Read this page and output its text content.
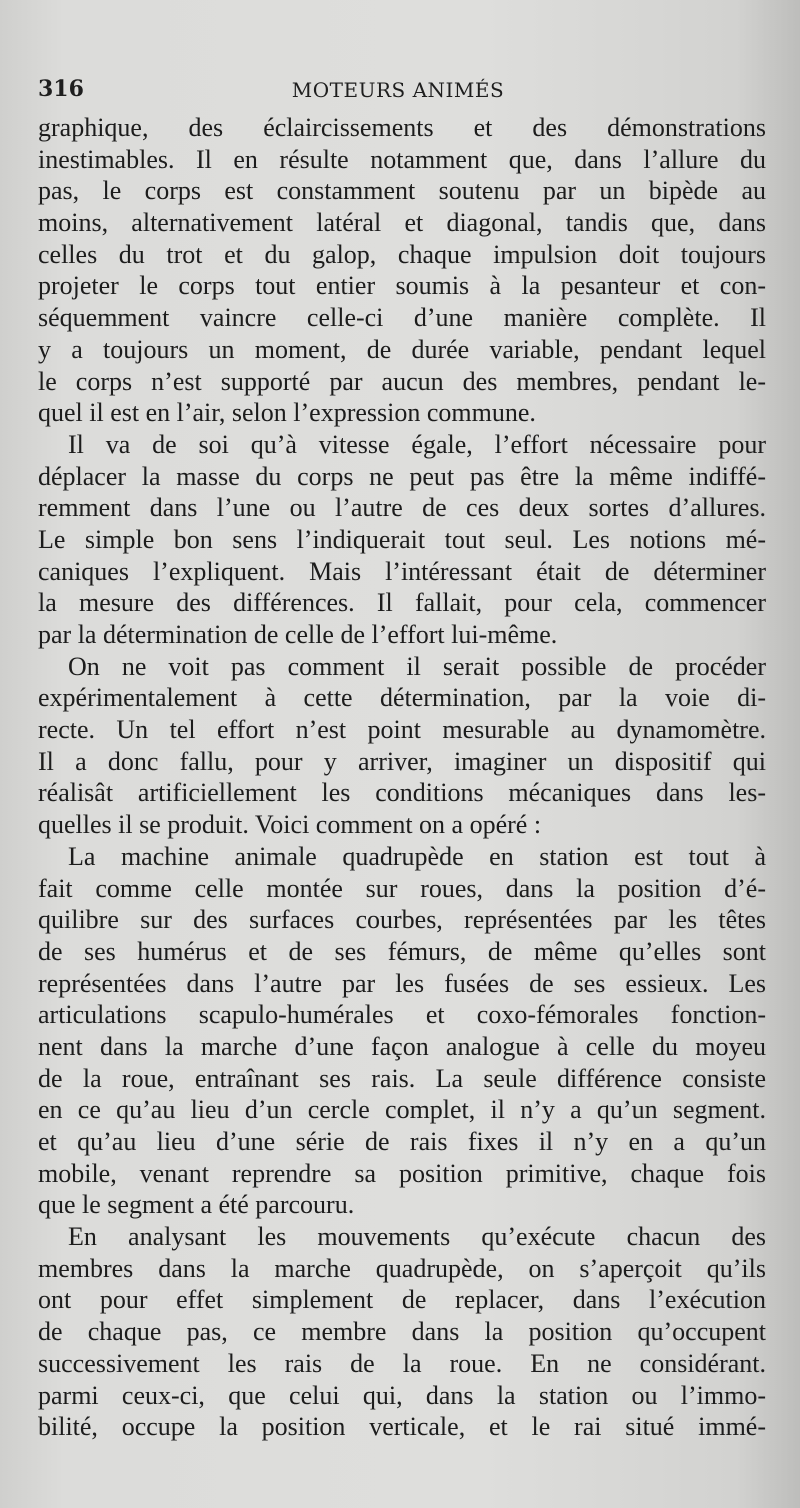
316	MOTEURS ANIMÉS
graphique, des éclaircissements et des démonstrations
inestimables. Il en résulte notamment que, dans l’allure du
pas, le corps est constamment soutenu par un bipède au
moins, alternativement latéral et diagonal, tandis que, dans
celles du trot et du galop, chaque impulsion doit toujours
projeter le corps tout entier soumis à la pesanteur et con-
séquemment vaincre celle-ci d’une manière complète. Il
y a toujours un moment, de durée variable, pendant lequel
le corps n’est supporté par aucun des membres, pendant le-
quel il est en l’air, selon l’expression commune.
Il va de soi qu’à vitesse égale, l’effort nécessaire pour
déplacer la masse du corps ne peut pas être la même indiffé-
remment dans l’une ou l’autre de ces deux sortes d’allures.
Le simple bon sens l’indiquerait tout seul. Les notions mé-
caniques l’expliquent. Mais l’intéressant était de déterminer
la mesure des différences. Il fallait, pour cela, commencer
par la détermination de celle de l’effort lui-même.
On ne voit pas comment il serait possible de procéder
expérimentalement à cette détermination, par la voie di-
recte. Un tel effort n’est point mesurable au dynamomètre.
Il a donc fallu, pour y arriver, imaginer un dispositif qui
réalisât artificiellement les conditions mécaniques dans les-
quelles il se produit. Voici comment on a opéré :
La machine animale quadrupède en station est tout à
fait comme celle montée sur roues, dans la position d’é-
quilibre sur des surfaces courbes, représentées par les têtes
de ses humérus et de ses fémurs, de même qu’elles sont
représentées dans l’autre par les fusées de ses essieux. Les
articulations scapulo-humérales et coxo-fémorales fonction-
nent dans la marche d’une façon analogue à celle du moyeu
de la roue, entraînant ses rais. La seule différence consiste
en ce qu’au lieu d’un cercle complet, il n’y a qu’un segment.
et qu’au lieu d’une série de rais fixes il n’y en a qu’un
mobile, venant reprendre sa position primitive, chaque fois
que le segment a été parcouru.
En analysant les mouvements qu’exécute chacun des
membres dans la marche quadrupède, on s’aperçoit qu’ils
ont pour effet simplement de replacer, dans l’exécution
de chaque pas, ce membre dans la position qu’occupent
successivement les rais de la roue. En ne considérant.
parmi ceux-ci, que celui qui, dans la station ou l’immo-
bilité, occupe la position verticale, et le rai situé immé-
